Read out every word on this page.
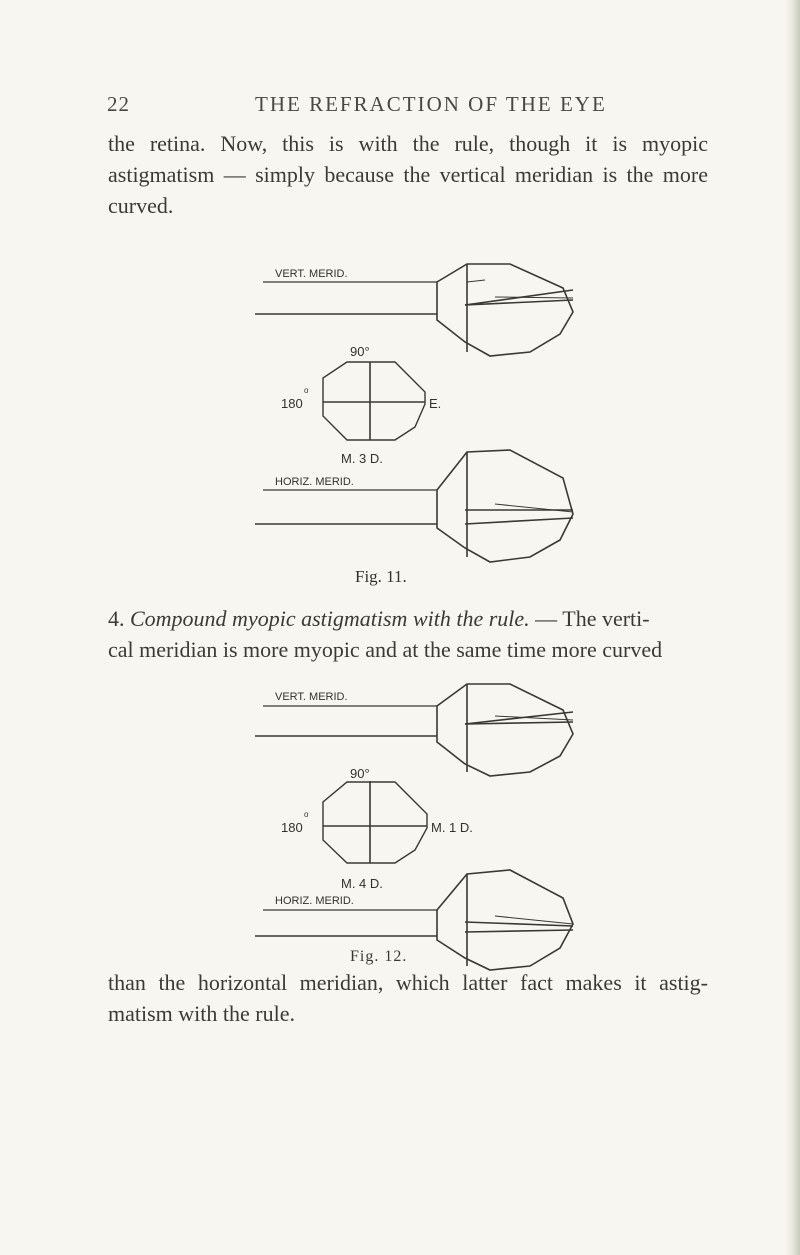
22	THE REFRACTION OF THE EYE
the retina. Now, this is with the rule, though it is myopic
astigmatism — simply because the vertical meridian is the more
curved.
VERT. MERID.
90°
180
o
E.
M. 3 D.
HORIZ. MERID.
Fig. 11.
4. Compound myopic astigmatism with the rule. — The verti-
cal meridian is more myopic and at the same time more curved
VERT. MERID.
90°
180
o
M. 1 D.
M. 4 D.
HORIZ. MERID.
Fig. 12.
than the horizontal meridian, which latter fact makes it astig-
matism with the rule.
